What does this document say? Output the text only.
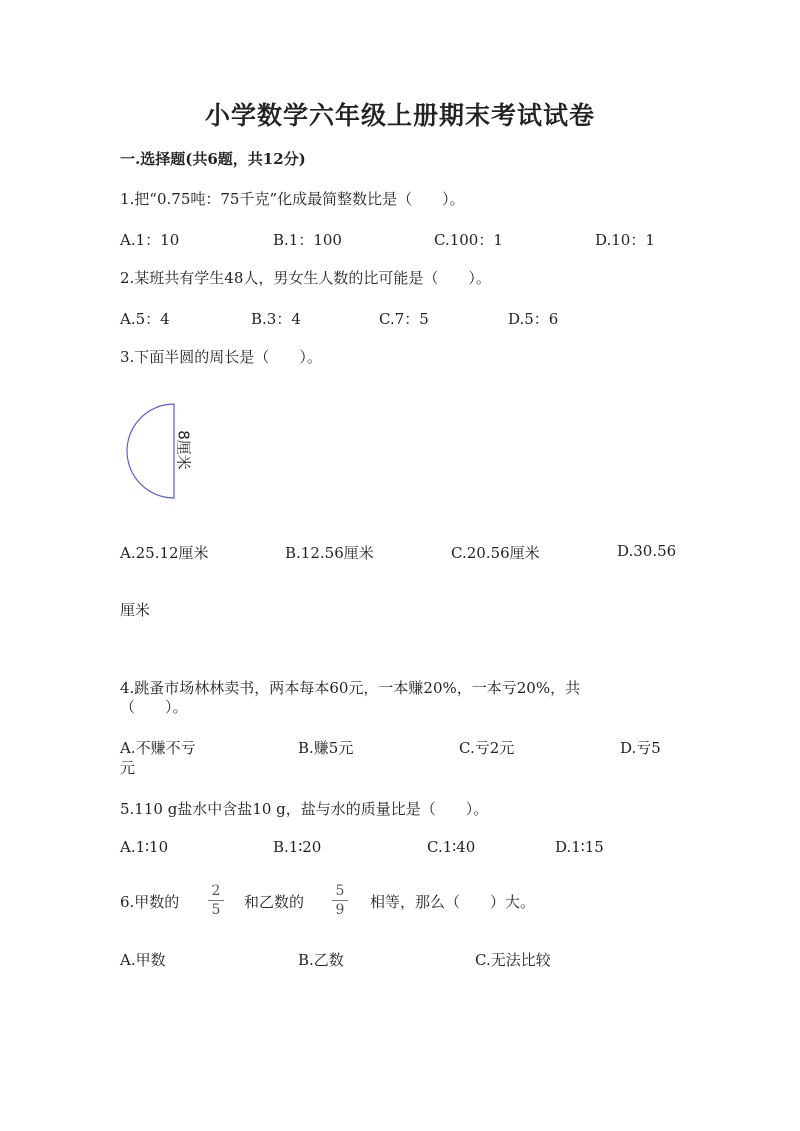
小学数学六年级上册期末考试试卷
一.选择题(共6题，共12分)
1.把“0.75吨：75千克”化成最简整数比是（　　）。
A.1：10	B.1：100	C.100：1	D.10：1
2.某班共有学生48人，男女生人数的比可能是（　　）。
A.5：4	B.3：4	C.7：5	D.5：6
3.下面半圆的周长是（　　）。
8厘米
A.25.12厘米	B.12.56厘米	C.20.56厘米	D.30.56
厘米
4.跳蚤市场林林卖书，两本每本60元，一本赚20%，一本亏20%，共
（　　）。
A.不赚不亏	B.赚5元	C.亏2元	D.亏5
元
5.110 g盐水中含盐10 g，盐与水的质量比是（　　）。
A.1∶10	B.1∶20	C.1∶40	D.1∶15
6.甲数的
2
5	和乙数的
5
9	相等，那么（　　）大。
A.甲数	B.乙数	C.无法比较
